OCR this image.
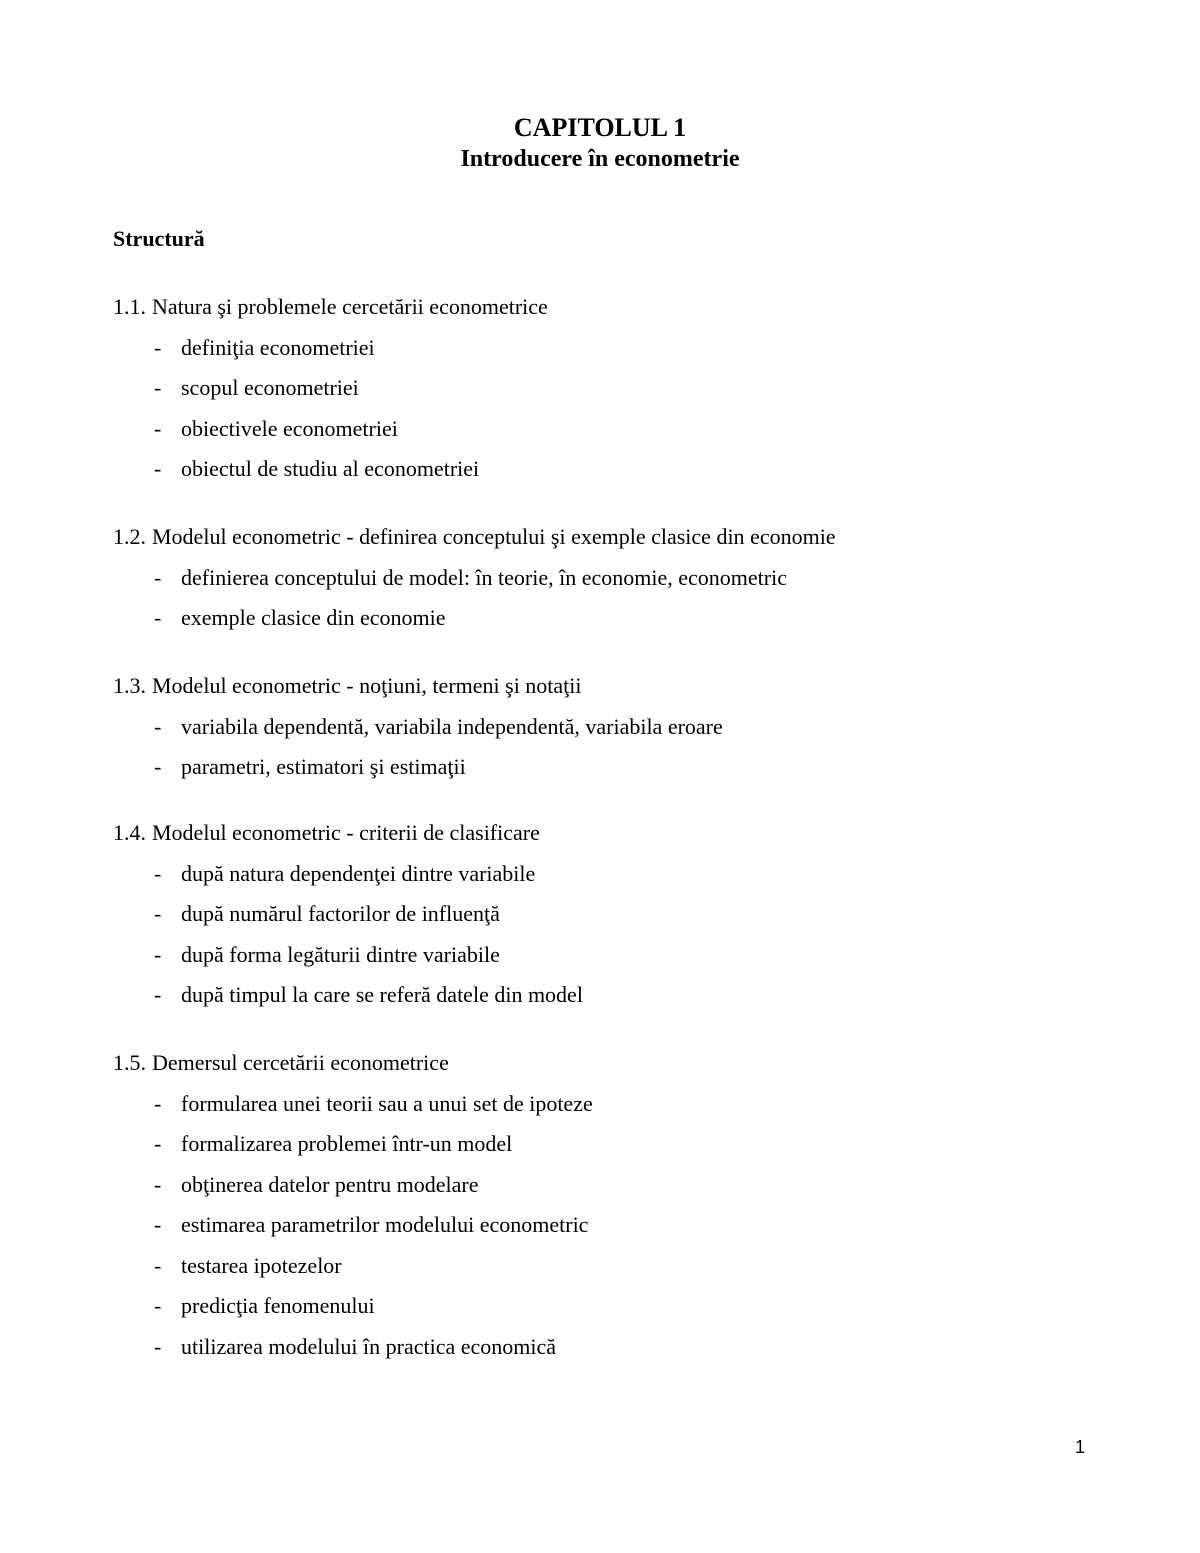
CAPITOLUL 1

Introducere în econometrie

Structură

1.1. Natura şi problemele cercetării econometrice

- definiţia econometriei
- scopul econometriei
- obiectivele econometriei
- obiectul de studiu al econometriei

1.2. Modelul econometric - definirea conceptului şi exemple clasice din economie

- definierea conceptului de model: în teorie, în economie, econometric
- exemple clasice din economie

1.3. Modelul econometric - noţiuni, termeni şi notaţii

- variabila dependentă, variabila independentă, variabila eroare
- parametri, estimatori şi estimaţii

1.4. Modelul econometric - criterii de clasificare

- după natura dependenţei dintre variabile
- după numărul factorilor de influenţă
- după forma legăturii dintre variabile
- după timpul la care se referă datele din model

1.5. Demersul cercetării econometrice

- formularea unei teorii sau a unui set de ipoteze
- formalizarea problemei într-un model
- obţinerea datelor pentru modelare
- estimarea parametrilor modelului econometric
- testarea ipotezelor
- predicţia fenomenului
- utilizarea modelului în practica economică
1
